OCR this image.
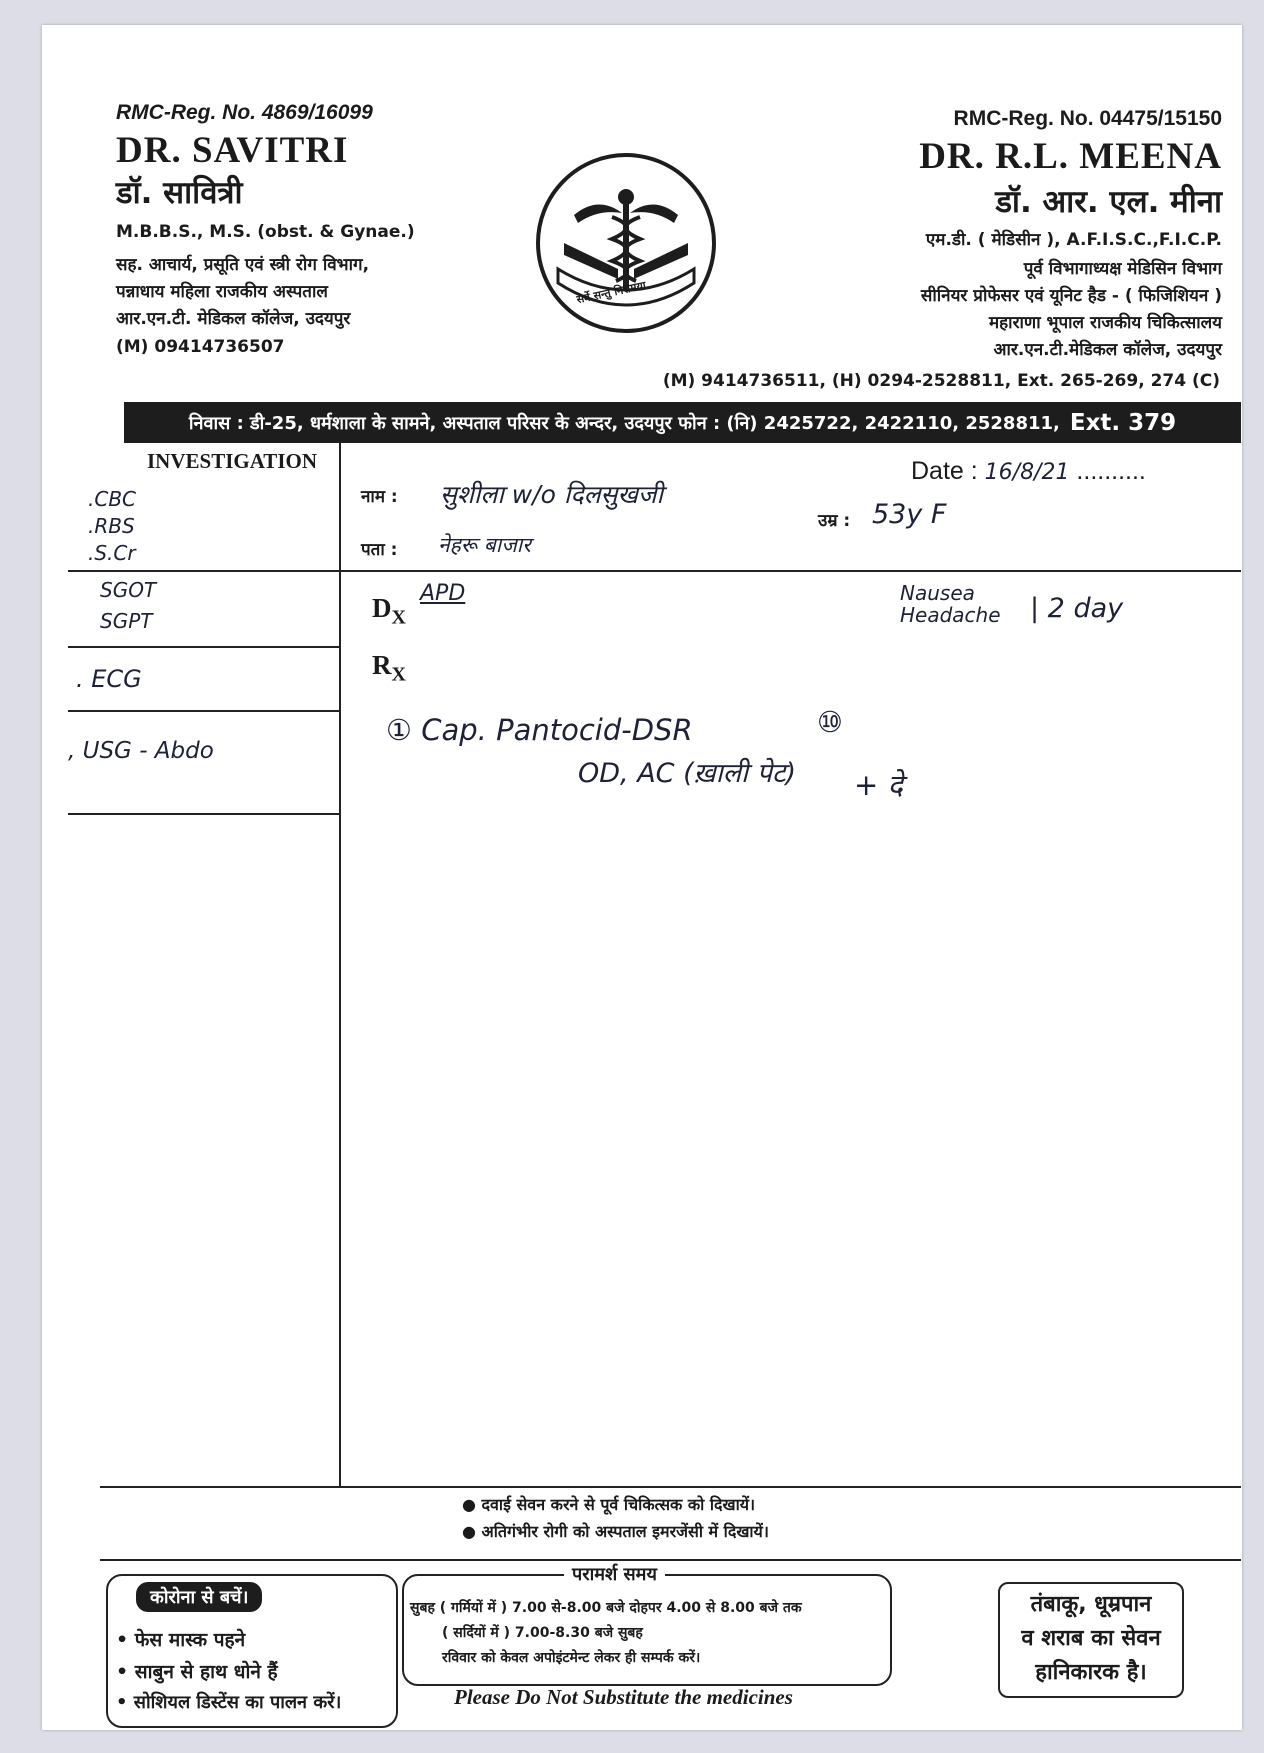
RMC-Reg. No. 4869/16099
DR. SAVITRI
डॉ. सावित्री
M.B.B.S., M.S. (obst. & Gynae.)
सह. आचार्य, प्रसूति एवं स्त्री रोग विभाग,
पन्नाधाय महिला राजकीय अस्पताल
आर.एन.टी. मेडिकल कॉलेज, उदयपुर
(M) 09414736507
सर्वे सन्तु निरामया
RMC-Reg. No. 04475/15150
DR. R.L. MEENA
डॉ. आर. एल. मीना
एम.डी. ( मेडिसीन ), A.F.I.S.C.,F.I.C.P.
पूर्व विभागाध्यक्ष मेडिसिन विभाग
सीनियर प्रोफेसर एवं यूनिट हैड - ( फिजिशियन )
महाराणा भूपाल राजकीय चिकित्सालय
आर.एन.टी.मेडिकल कॉलेज, उदयपुर
(M) 9414736511, (H) 0294-2528811, Ext. 265-269, 274 (C)
निवास : डी-25, धर्मशाला के सामने, अस्पताल परिसर के अन्दर, उदयपुर फोन : (नि) 2425722, 2422110, 2528811, Ext. 379
INVESTIGATION
.CBC
.RBS
.S.Cr
SGOT
SGPT
. ECG
, USG - Abdo
नाम : सुशीला w/o दिलसुखजी
पता : नेहरू बाजार
उम्र : 53y F
Date : 16/8/21 ..........
$D_X$
APD	Nausea
Headache | 2 day
$R_X$
① Cap. Pantocid-DSR	⑩
OD, AC (ख़ाली पेट) + दे
● दवाई सेवन करने से पूर्व चिकित्सक को दिखायें।
● अतिगंभीर रोगी को अस्पताल इमरजेंसी में दिखायें।
कोरोना से बचें।
• फेस मास्क पहने
• साबुन से हाथ धोने हैं
• सोशियल डिस्टेंस का पालन करें।
परामर्श समय
सुबह ( गर्मियों में ) 7.00 से-8.00 बजे दोहपर 4.00 से 8.00 बजे तक
( सर्दियों में ) 7.00-8.30 बजे सुबह
रविवार को केवल अपोइंटमेन्ट लेकर ही सम्पर्क करें।
Please Do Not Substitute the medicines
तंबाकू, धूम्रपान
व शराब का सेवन
हानिकारक है।
